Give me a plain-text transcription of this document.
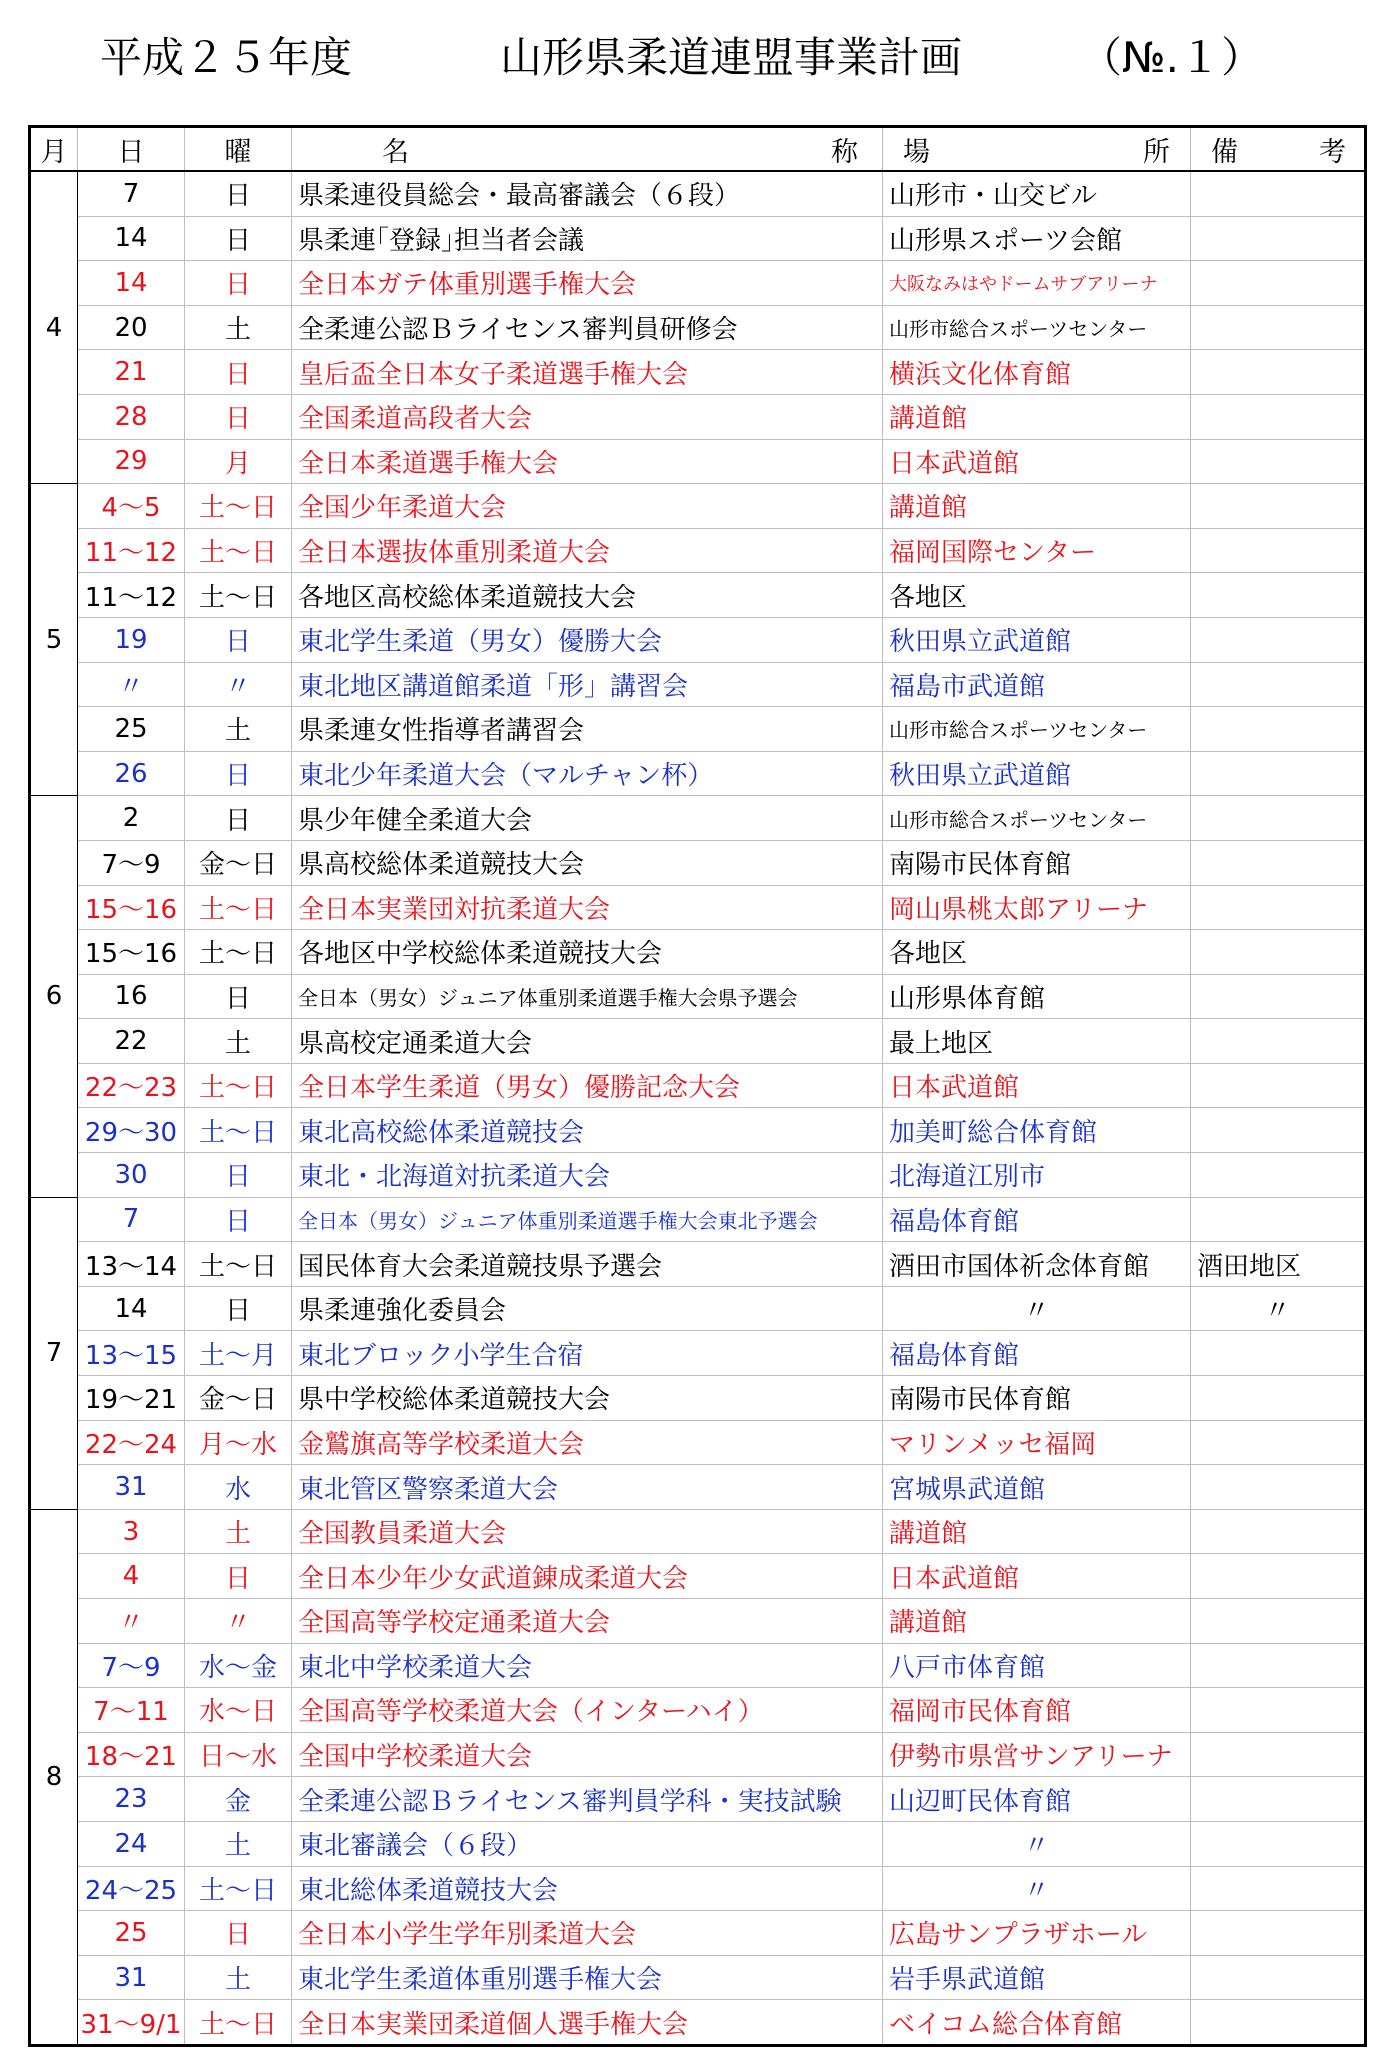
平成２５年度	山形県柔道連盟事業計画	（№.１）
月	日	曜	名 称	場 所	備 考

4	7	日	県柔連役員総会・最高審議会（６段）	山形市・山交ビル	
	14	日	県柔連｢登録｣担当者会議	山形県スポーツ会館	
	14	日	全日本ガテ体重別選手権大会	大阪なみはやドームサブアリーナ	
	20	土	全柔連公認Ｂライセンス審判員研修会	山形市総合スポーツセンター	
	21	日	皇后盃全日本女子柔道選手権大会	横浜文化体育館	
	28	日	全国柔道高段者大会	講道館	
	29	月	全日本柔道選手権大会	日本武道館	
5	4〜5	土〜日	全国少年柔道大会	講道館	
	11〜12	土〜日	全日本選抜体重別柔道大会	福岡国際センター	
	11〜12	土〜日	各地区高校総体柔道競技大会	各地区	
	19	日	東北学生柔道（男女）優勝大会	秋田県立武道館	
	〃	〃	東北地区講道館柔道「形」講習会	福島市武道館	
	25	土	県柔連女性指導者講習会	山形市総合スポーツセンター	
	26	日	東北少年柔道大会（マルチャン杯）	秋田県立武道館	
6	2	日	県少年健全柔道大会	山形市総合スポーツセンター	
	7〜9	金〜日	県高校総体柔道競技大会	南陽市民体育館	
	15〜16	土〜日	全日本実業団対抗柔道大会	岡山県桃太郎アリーナ	
	15〜16	土〜日	各地区中学校総体柔道競技大会	各地区	
	16	日	全日本（男女）ジュニア体重別柔道選手権大会県予選会	山形県体育館	
	22	土	県高校定通柔道大会	最上地区	
	22〜23	土〜日	全日本学生柔道（男女）優勝記念大会	日本武道館	
	29〜30	土〜日	東北高校総体柔道競技会	加美町総合体育館	
	30	日	東北・北海道対抗柔道大会	北海道江別市	
7	7	日	全日本（男女）ジュニア体重別柔道選手権大会東北予選会	福島体育館	
	13〜14	土〜日	国民体育大会柔道競技県予選会	酒田市国体祈念体育館	酒田地区
	14	日	県柔連強化委員会	〃	〃
	13〜15	土〜月	東北ブロック小学生合宿	福島体育館	
	19〜21	金〜日	県中学校総体柔道競技大会	南陽市民体育館	
	22〜24	月〜水	金鷲旗高等学校柔道大会	マリンメッセ福岡	
	31	水	東北管区警察柔道大会	宮城県武道館	
8	3	土	全国教員柔道大会	講道館	
	4	日	全日本少年少女武道錬成柔道大会	日本武道館	
	〃	〃	全国高等学校定通柔道大会	講道館	
	7〜9	水〜金	東北中学校柔道大会	八戸市体育館	
	7〜11	水〜日	全国高等学校柔道大会（インターハイ）	福岡市民体育館	
	18〜21	日〜水	全国中学校柔道大会	伊勢市県営サンアリーナ	
	23	金	全柔連公認Ｂライセンス審判員学科・実技試験	山辺町民体育館	
	24	土	東北審議会（６段）	〃	
	24〜25	土〜日	東北総体柔道競技大会	〃	
	25	日	全日本小学生学年別柔道大会	広島サンプラザホール	
	31	土	東北学生柔道体重別選手権大会	岩手県武道館	
	31〜9/1	土〜日	全日本実業団柔道個人選手権大会	ベイコム総合体育館	
